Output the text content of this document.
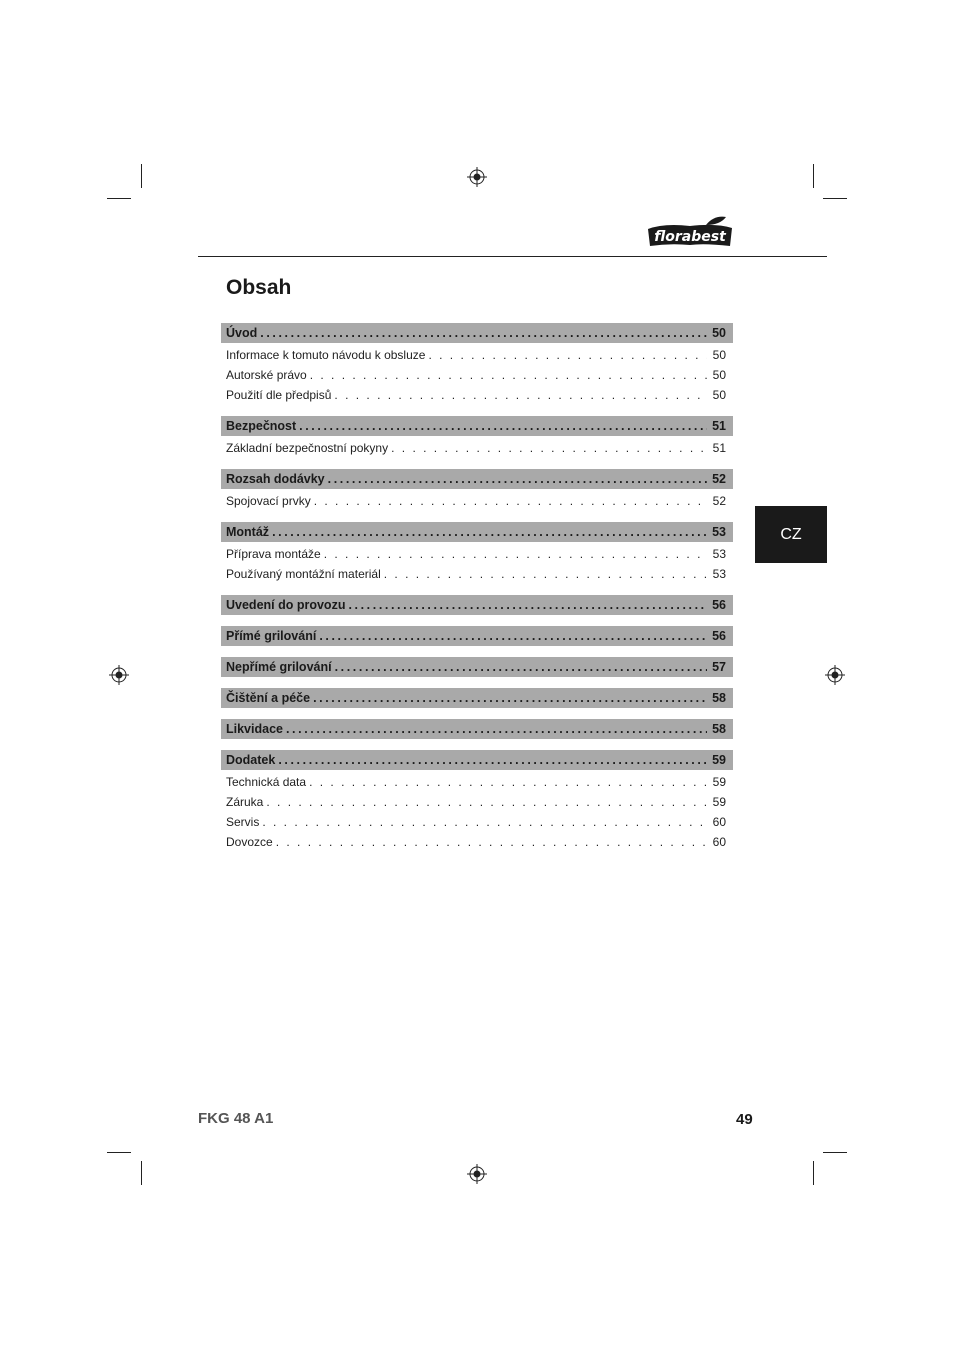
florabest
Obsah
Úvod .....	50
Informace k tomuto návodu k obsluze . . .	50
Autorské právo . . .	50
Použití dle předpisů . . .	50
Bezpečnost .....	51
Základní bezpečnostní pokyny . . .	51
Rozsah dodávky .....	52
Spojovací prvky . . .	52
Montáž .....	53
Příprava montáže . . .	53
Používaný montážní materiál . . .	53
Uvedení do provozu .....	56
Přímé grilování .....	56
Nepřímé grilování .....	57
Čištění a péče .....	58
Likvidace .....	58
Dodatek .....	59
Technická data . . .	59
Záruka . . .	59
Servis . . .	60
Dovozce . . .	60
CZ
FKG 48 A1	49
